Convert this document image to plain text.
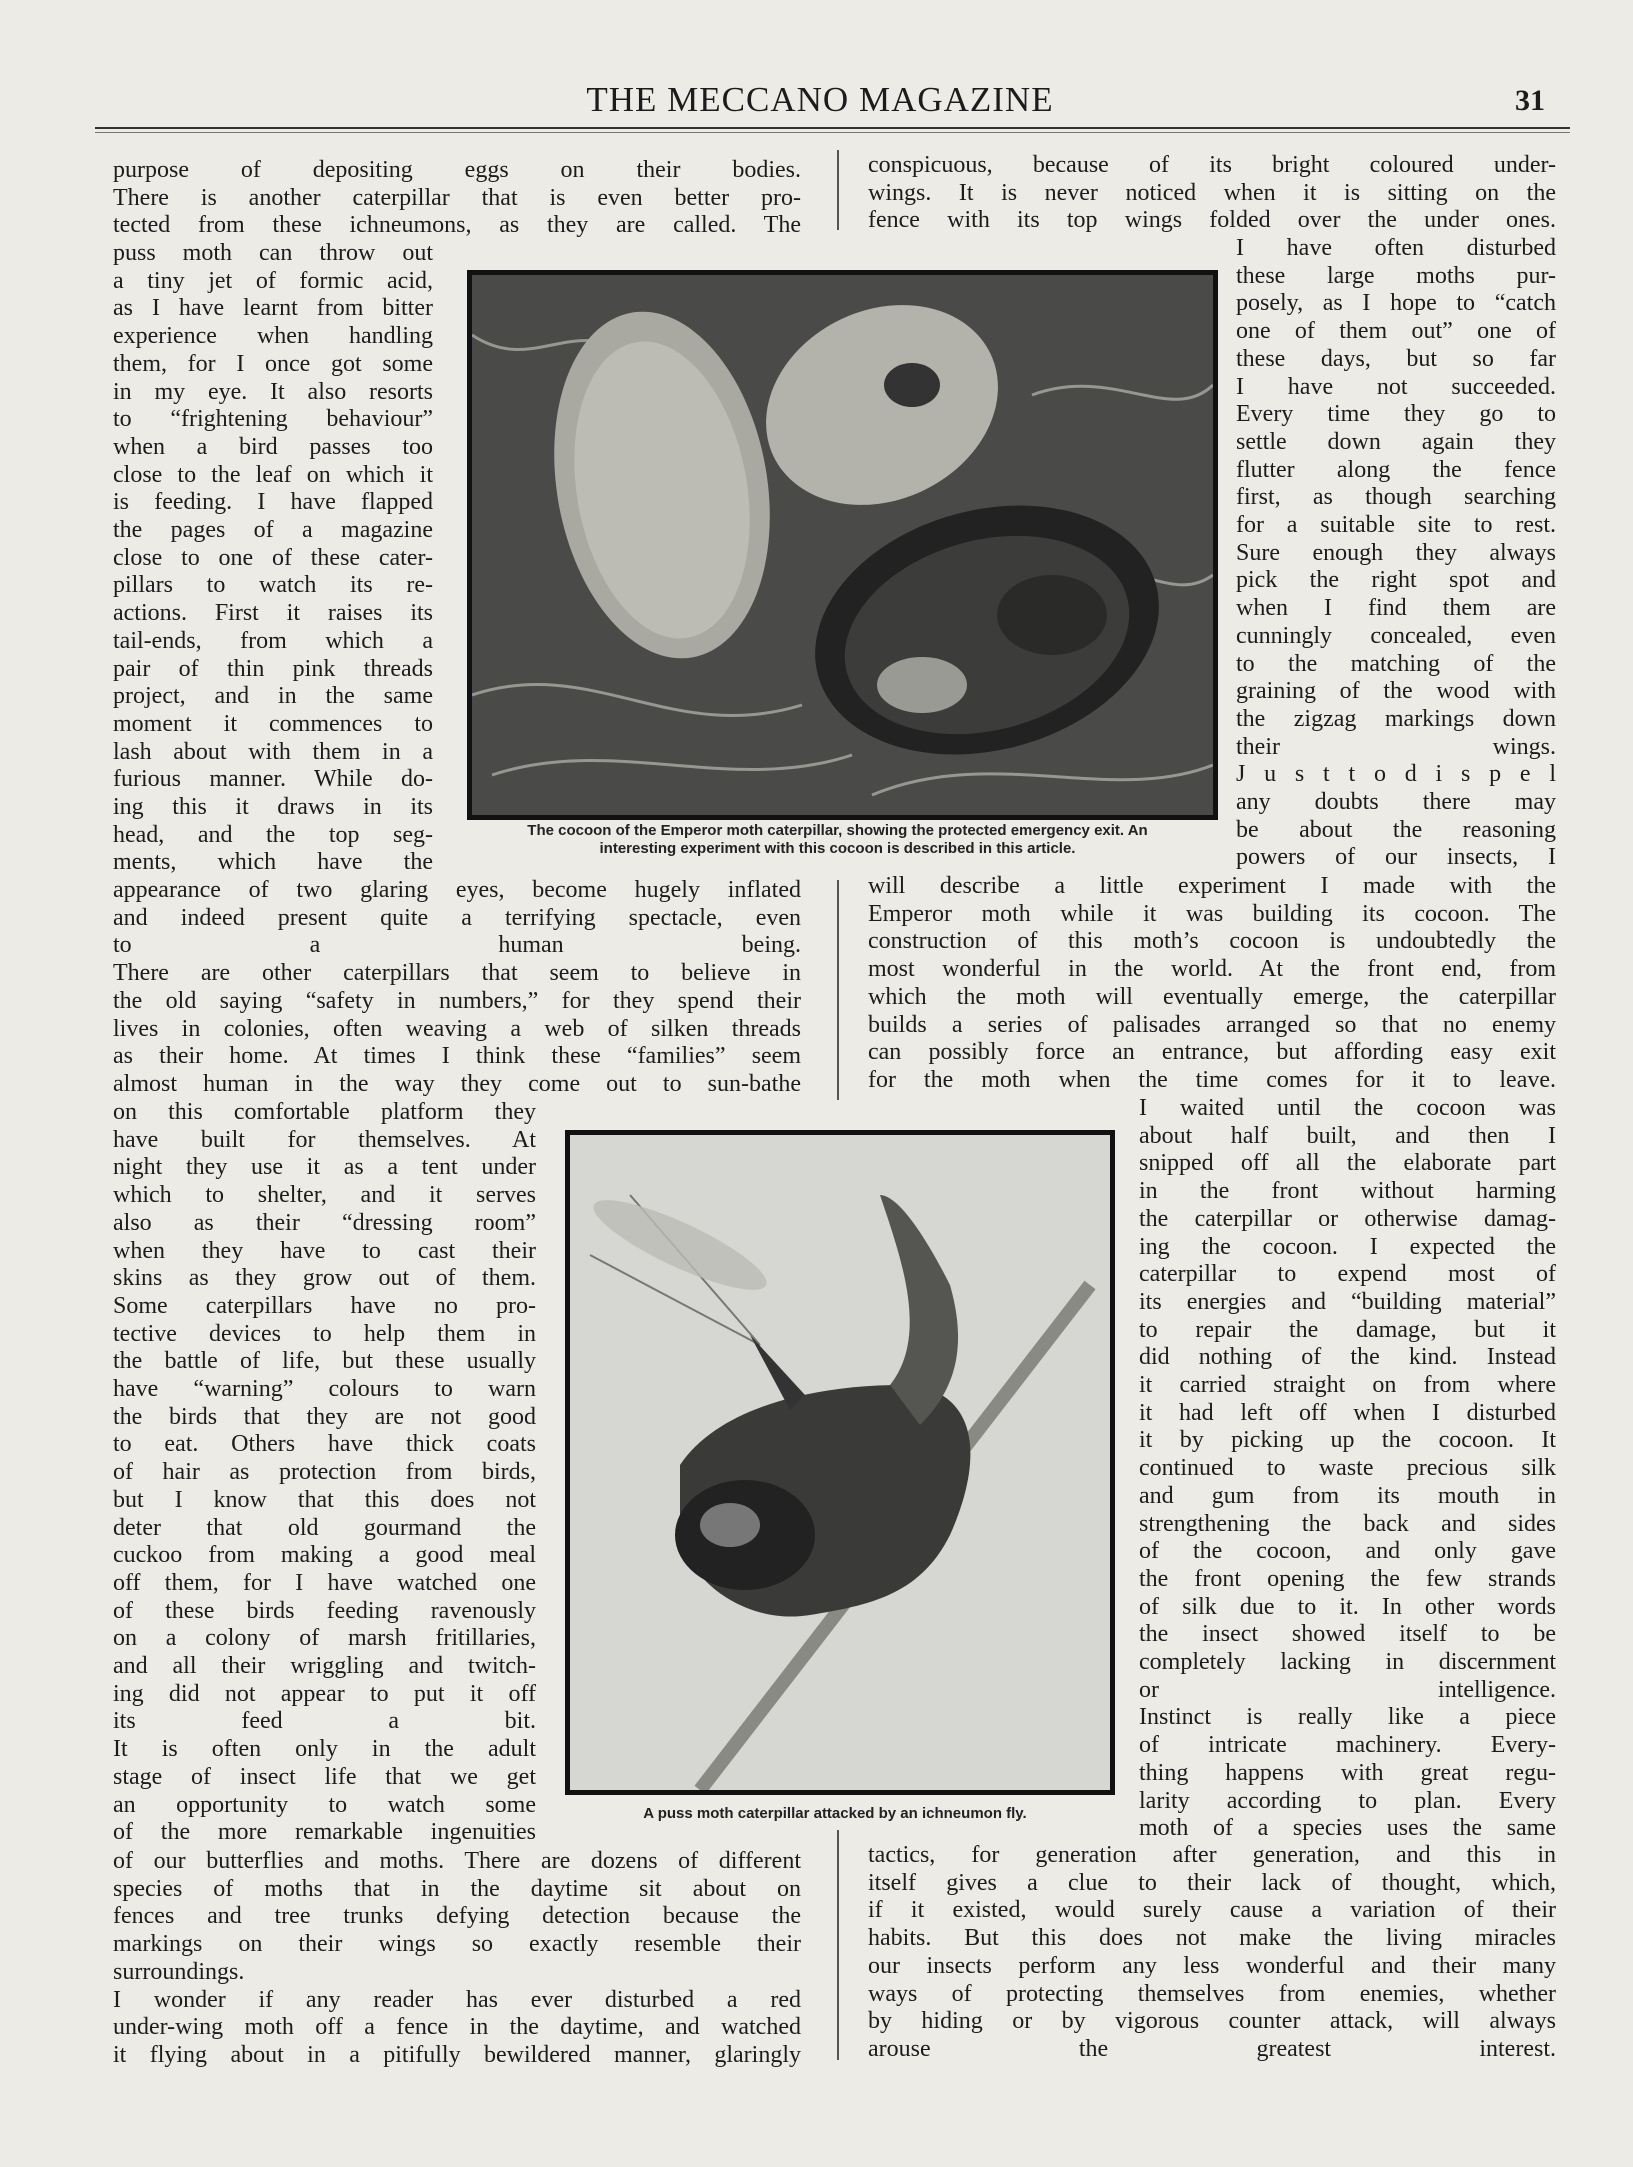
THE MECCANO MAGAZINE	31

purpose of depositing eggs on their bodies.
There is another caterpillar that is even better pro-
tected from these ichneumons, as they are called. The

puss moth can throw out
a tiny jet of formic acid,
as I have learnt from bitter
experience when handling
them, for I once got some
in my eye. It also resorts
to “frightening behaviour”
when a bird passes too
close to the leaf on which it
is feeding. I have flapped
the pages of a magazine
close to one of these cater-
pillars to watch its re-
actions. First it raises its
tail-ends, from which a
pair of thin pink threads
project, and in the same
moment it commences to
lash about with them in a
furious manner. While do-
ing this it draws in its
head, and the top seg-
ments, which have the

appearance of two glaring eyes, become hugely inflated
and indeed present quite a terrifying spectacle, even
to a human being.
There are other caterpillars that seem to believe in
the old saying “safety in numbers,” for they spend their
lives in colonies, often weaving a web of silken threads
as their home. At times I think these “families” seem
almost human in the way they come out to sun-bathe

on this comfortable platform they
have built for themselves. At
night they use it as a tent under
which to shelter, and it serves
also as their “dressing room”
when they have to cast their
skins as they grow out of them.
Some caterpillars have no pro-
tective devices to help them in
the battle of life, but these usually
have “warning” colours to warn
the birds that they are not good
to eat. Others have thick coats
of hair as protection from birds,
but I know that this does not
deter that old gourmand the
cuckoo from making a good meal
off them, for I have watched one
of these birds feeding ravenously
on a colony of marsh fritillaries,
and all their wriggling and twitch-
ing did not appear to put it off
its feed a bit.
It is often only in the adult
stage of insect life that we get
an opportunity to watch some
of the more remarkable ingenuities

of our butterflies and moths. There are dozens of different
species of moths that in the daytime sit about on
fences and tree trunks defying detection because the
markings on their wings so exactly resemble their
surroundings.
I wonder if any reader has ever disturbed a red
under-wing moth off a fence in the daytime, and watched
it flying about in a pitifully bewildered manner, glaringly

conspicuous, because of its bright coloured under-
wings. It is never noticed when it is sitting on the
fence with its top wings folded over the under ones.

I have often disturbed
these large moths pur-
posely, as I hope to “catch
one of them out” one of
these days, but so far
I have not succeeded.
Every time they go to
settle down again they
flutter along the fence
first, as though searching
for a suitable site to rest.
Sure enough they always
pick the right spot and
when I find them are
cunningly concealed, even
to the matching of the
graining of the wood with
the zigzag markings down
their wings.
J u s t t o d i s p e l
any doubts there may
be about the reasoning
powers of our insects, I

will describe a little experiment I made with the
Emperor moth while it was building its cocoon. The
construction of this moth’s cocoon is undoubtedly the
most wonderful in the world. At the front end, from
which the moth will eventually emerge, the caterpillar
builds a series of palisades arranged so that no enemy
can possibly force an entrance, but affording easy exit
for the moth when the time comes for it to leave.

I waited until the cocoon was
about half built, and then I
snipped off all the elaborate part
in the front without harming
the caterpillar or otherwise damag-
ing the cocoon. I expected the
caterpillar to expend most of
its energies and “building material”
to repair the damage, but it
did nothing of the kind. Instead
it carried straight on from where
it had left off when I disturbed
it by picking up the cocoon. It
continued to waste precious silk
and gum from its mouth in
strengthening the back and sides
of the cocoon, and only gave
the front opening the few strands
of silk due to it. In other words
the insect showed itself to be
completely lacking in discernment
or intelligence.
Instinct is really like a piece
of intricate machinery. Every-
thing happens with great regu-
larity according to plan. Every
moth of a species uses the same

tactics, for generation after generation, and this in
itself gives a clue to their lack of thought, which,
if it existed, would surely cause a variation of their
habits. But this does not make the living miracles
our insects perform any less wonderful and their many
ways of protecting themselves from enemies, whether
by hiding or by vigorous counter attack, will always
arouse the greatest interest.

The cocoon of the Emperor moth caterpillar, showing the protected emergency exit. An
interesting experiment with this cocoon is described in this article.

A puss moth caterpillar attacked by an ichneumon fly.
